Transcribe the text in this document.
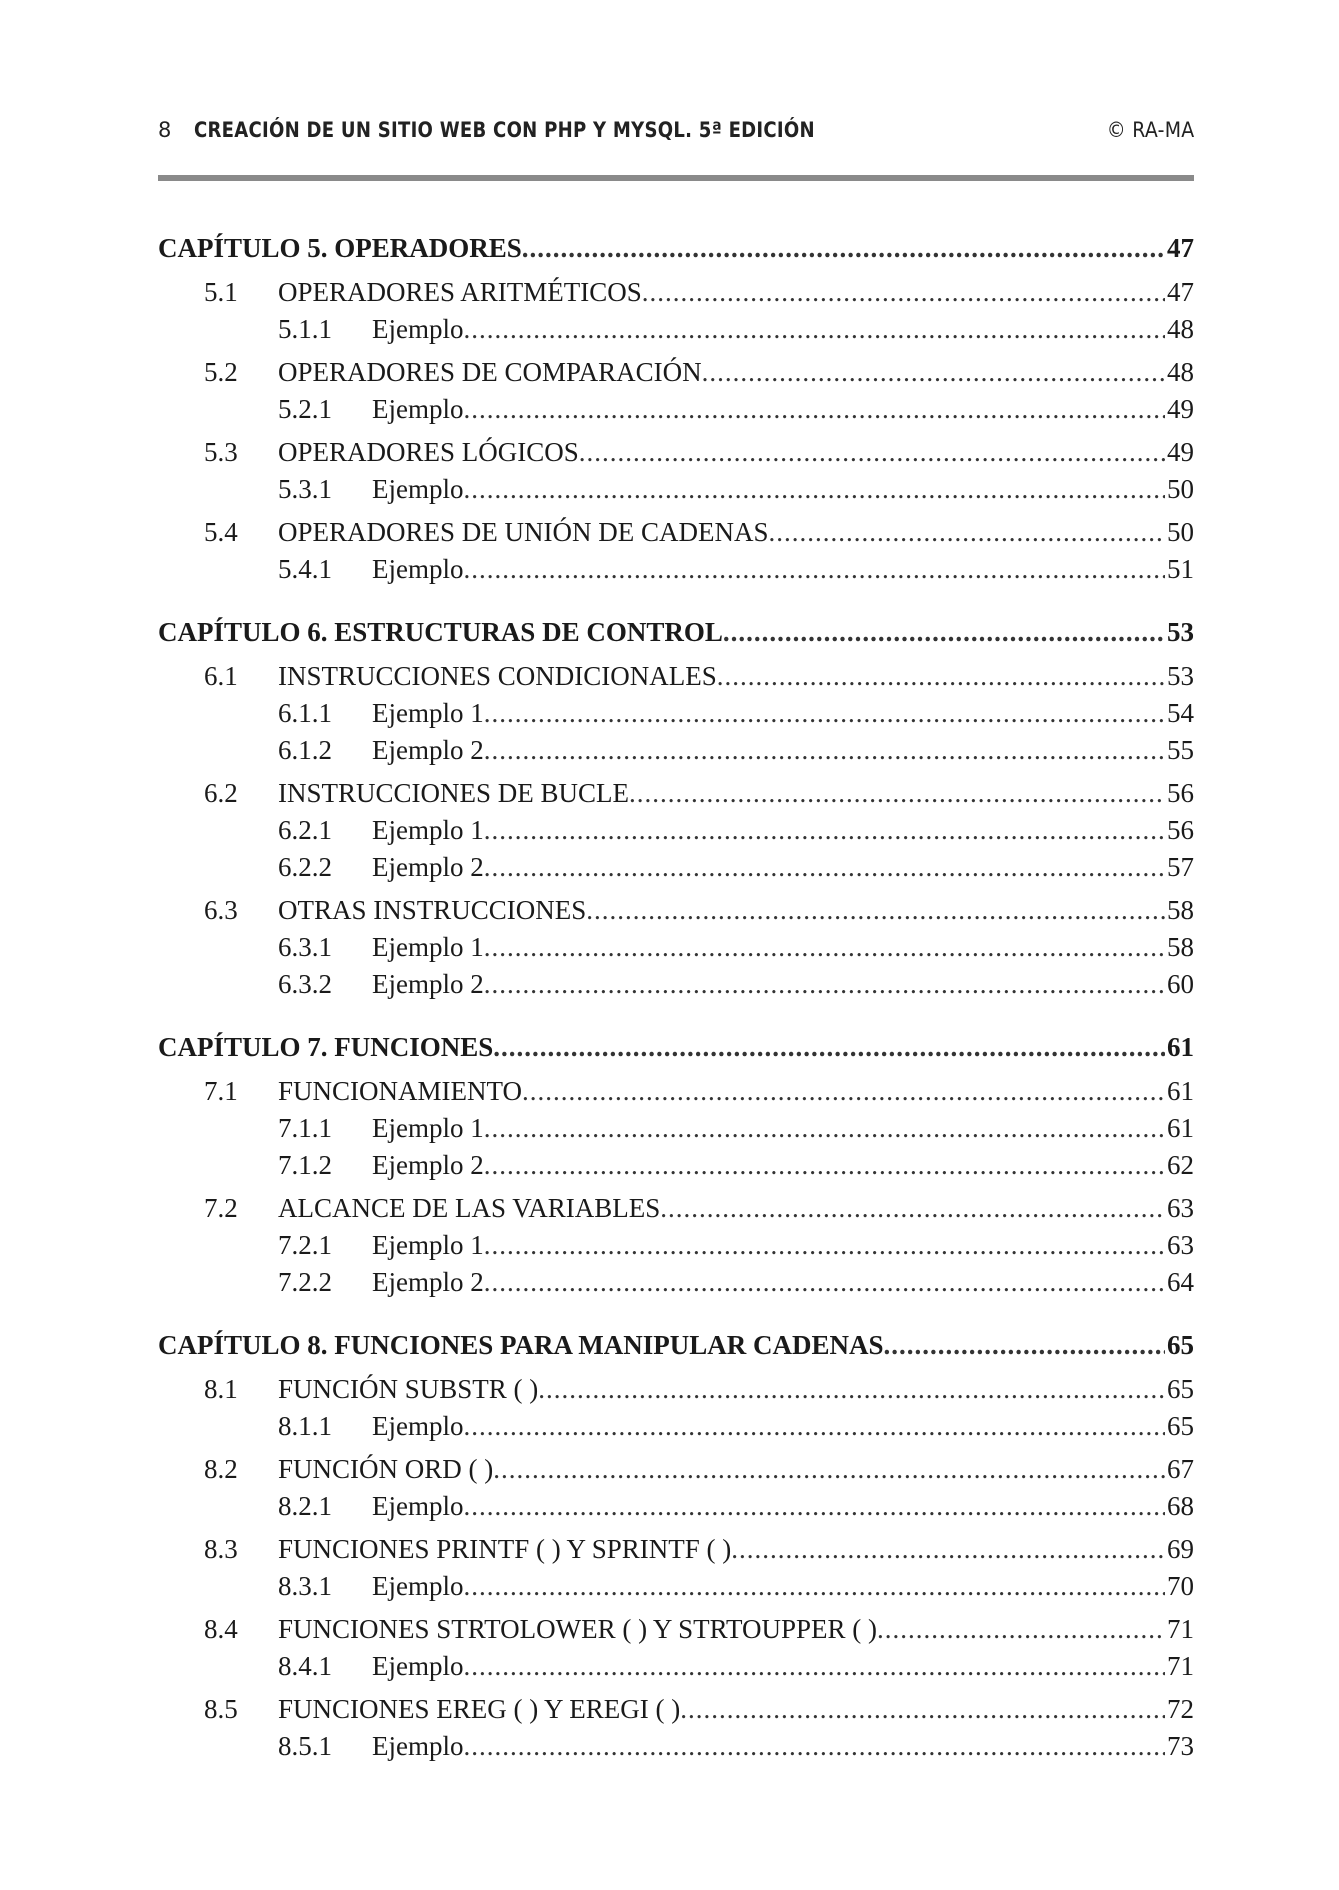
8 CREACIÓN DE UN SITIO WEB CON PHP Y MYSQL. 5ª EDICIÓN	© RA-MA
CAPÍTULO 5. OPERADORES .....	47
5.1 OPERADORES ARITMÉTICOS .....	47
5.1.1 Ejemplo .....	48
5.2 OPERADORES DE COMPARACIÓN .....	48
5.2.1 Ejemplo .....	49
5.3 OPERADORES LÓGICOS .....	49
5.3.1 Ejemplo .....	50
5.4 OPERADORES DE UNIÓN DE CADENAS .....	50
5.4.1 Ejemplo .....	51
CAPÍTULO 6. ESTRUCTURAS DE CONTROL .....	53
6.1 INSTRUCCIONES CONDICIONALES .....	53
6.1.1 Ejemplo 1 .....	54
6.1.2 Ejemplo 2 .....	55
6.2 INSTRUCCIONES DE BUCLE .....	56
6.2.1 Ejemplo 1 .....	56
6.2.2 Ejemplo 2 .....	57
6.3 OTRAS INSTRUCCIONES .....	58
6.3.1 Ejemplo 1 .....	58
6.3.2 Ejemplo 2 .....	60
CAPÍTULO 7. FUNCIONES .....	61
7.1 FUNCIONAMIENTO .....	61
7.1.1 Ejemplo 1 .....	61
7.1.2 Ejemplo 2 .....	62
7.2 ALCANCE DE LAS VARIABLES .....	63
7.2.1 Ejemplo 1 .....	63
7.2.2 Ejemplo 2 .....	64
CAPÍTULO 8. FUNCIONES PARA MANIPULAR CADENAS .....	65
8.1 FUNCIÓN SUBSTR ( ) .....	65
8.1.1 Ejemplo .....	65
8.2 FUNCIÓN ORD ( ) .....	67
8.2.1 Ejemplo .....	68
8.3 FUNCIONES PRINTF ( ) Y SPRINTF ( ) .....	69
8.3.1 Ejemplo .....	70
8.4 FUNCIONES STRTOLOWER ( ) Y STRTOUPPER ( ) .....	71
8.4.1 Ejemplo .....	71
8.5 FUNCIONES EREG ( ) Y EREGI ( ) .....	72
8.5.1 Ejemplo .....	73
